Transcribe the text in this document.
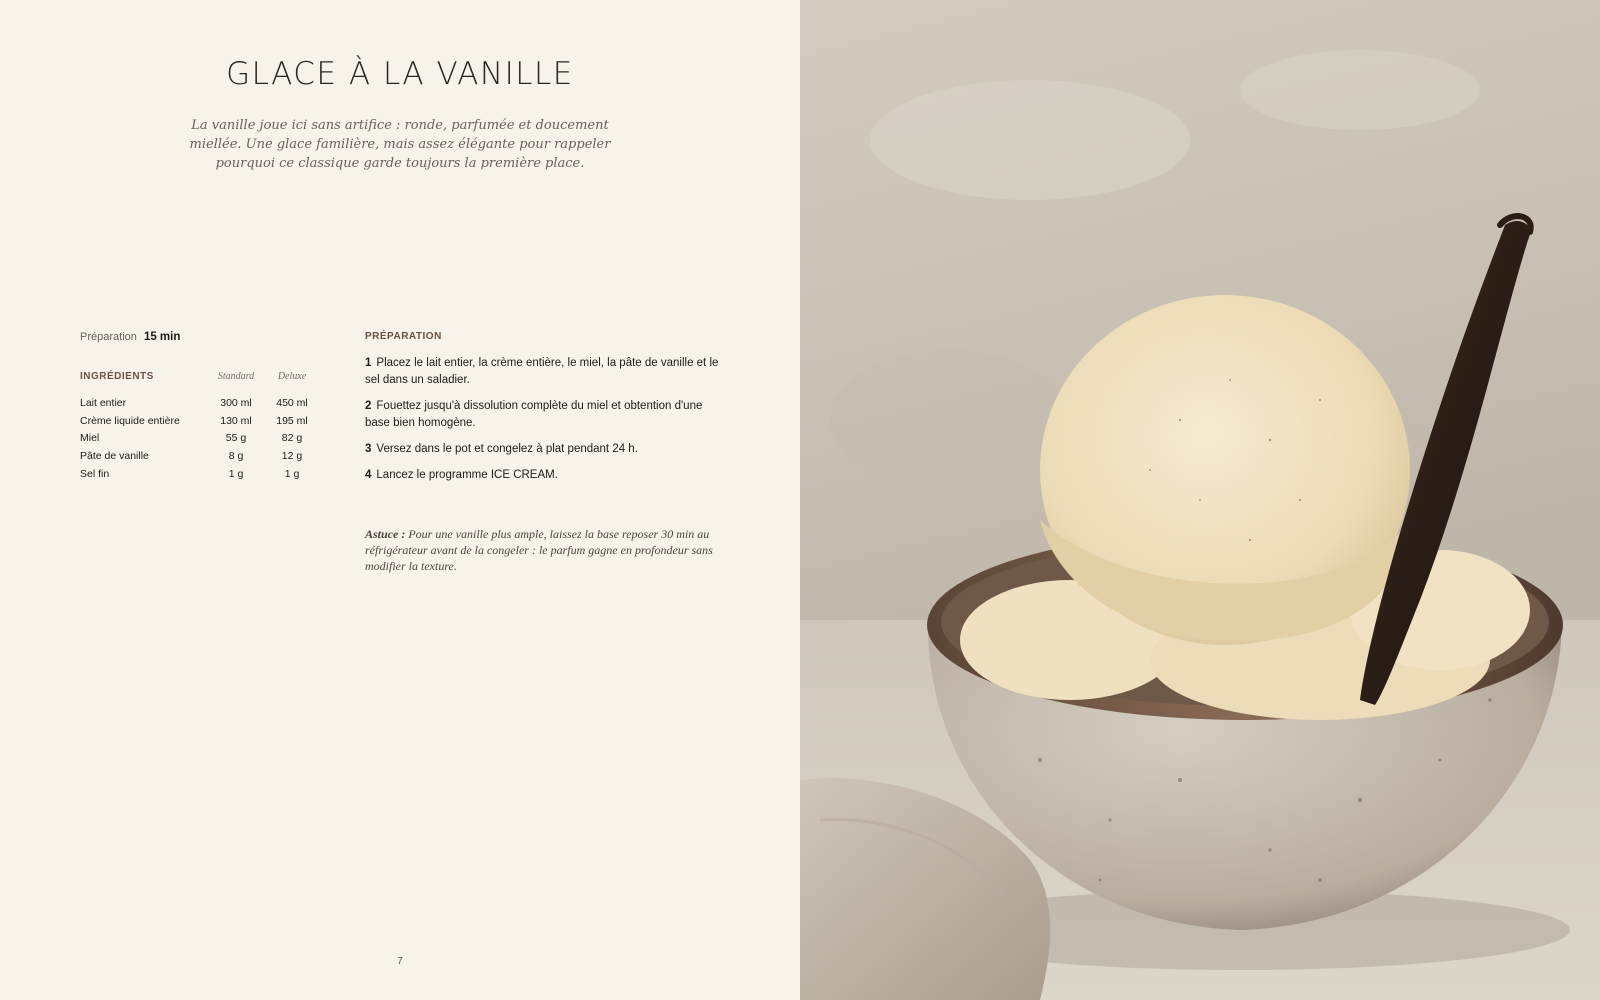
GLACE À LA VANILLE

La vanille joue ici sans artifice : ronde, parfumée et doucement miellée. Une glace familière, mais assez élégante pour rappeler pourquoi ce classique garde toujours la première place.

Préparation 15 min
INGRÉDIENTS	Standard	Deluxe
Lait entier	300 ml	450 ml
Crème liquide entière	130 ml	195 ml
Miel	55 g	82 g
Pâte de vanille	8 g	12 g
Sel fin	1 g	1 g
PRÉPARATION

1 Placez le lait entier, la crème entière, le miel, la pâte de vanille et le sel dans un saladier.

2 Fouettez jusqu'à dissolution complète du miel et obtention d'une base bien homogène.

3 Versez dans le pot et congelez à plat pendant 24 h.

4 Lancez le programme ICE CREAM.

Astuce : Pour une vanille plus ample, laissez la base reposer 30 min au réfrigérateur avant de la congeler : le parfum gagne en profondeur sans modifier la texture.

7
